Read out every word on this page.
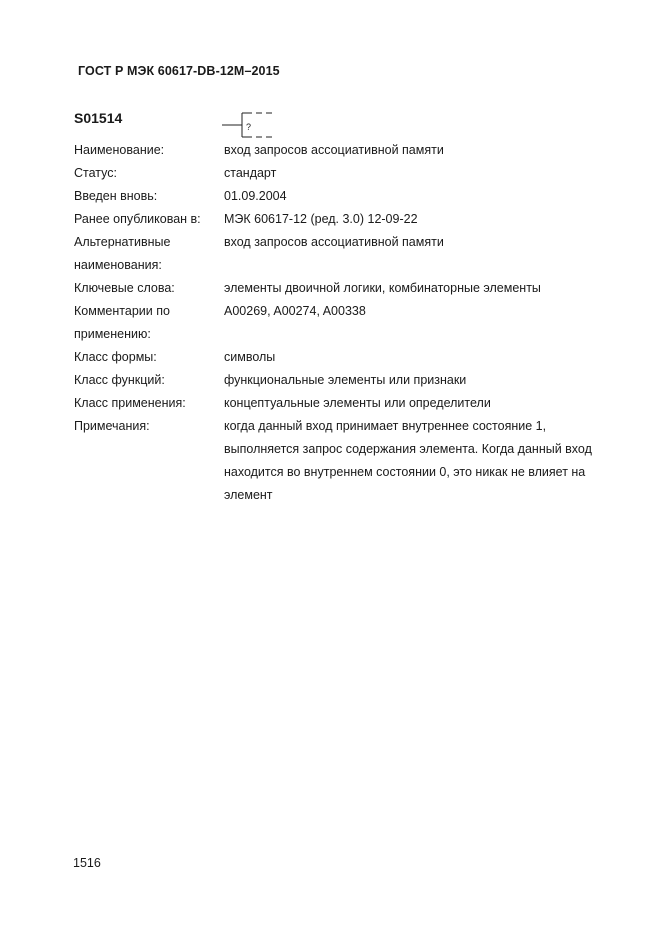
ГОСТ Р МЭК 60617-DB-12M–2015
S01514
?
Наименование:	вход запросов ассоциативной памяти
Статус:	стандарт
Введен вновь:	01.09.2004
Ранее опубликован в:	МЭК 60617-12 (ред. 3.0) 12-09-22
Альтернативные наименования:
вход запросов ассоциативной памяти
Ключевые слова:	элементы двоичной логики, комбинаторные элементы
Комментарии по применению:
A00269, A00274, A00338
Класс формы:	символы
Класс функций:	функциональные элементы или признаки
Класс применения:	концептуальные элементы или определители
Примечания:	когда данный вход принимает внутреннее состояние 1, выполняется запрос содержания элемента. Когда данный вход находится во внутреннем состоянии 0, это никак не влияет на элемент
1516
